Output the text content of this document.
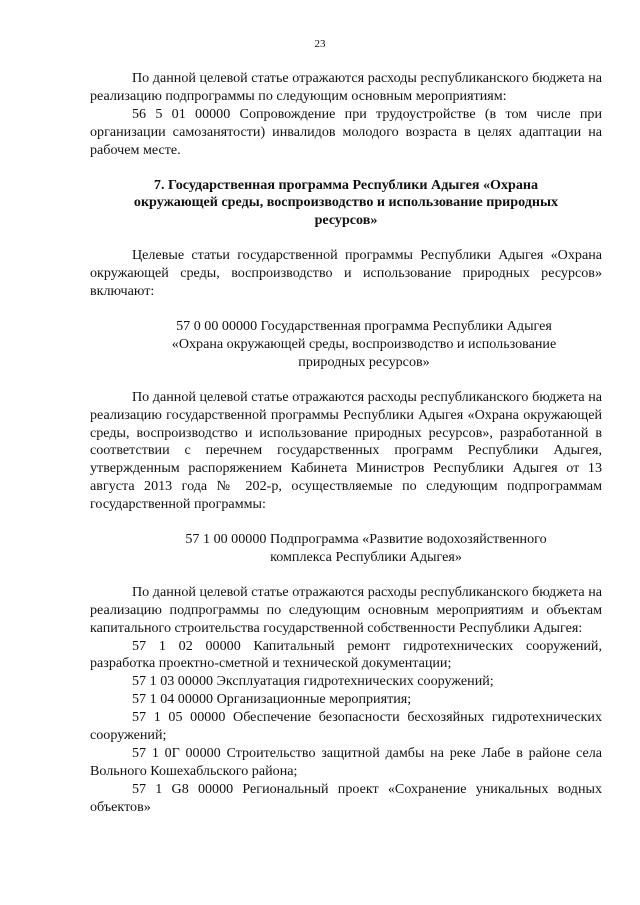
23

По данной целевой статье отражаются расходы республиканского бюджета на реализацию подпрограммы по следующим основным мероприятиям:

56 5 01 00000 Сопровождение при трудоустройстве (в том числе при организации самозанятости) инвалидов молодого возраста в целях адаптации на рабочем месте.

7. Государственная программа Республики Адыгея «Охрана окружающей среды, воспроизводство и использование природных ресурсов»

Целевые статьи государственной программы Республики Адыгея «Охрана окружающей среды, воспроизводство и использование природных ресурсов» включают:

57 0 00 00000 Государственная программа Республики Адыгея «Охрана окружающей среды, воспроизводство и использование природных ресурсов»

По данной целевой статье отражаются расходы республиканского бюджета на реализацию государственной программы Республики Адыгея «Охрана окружающей среды, воспроизводство и использование природных ресурсов», разработанной в соответствии с перечнем государственных программ Республики Адыгея, утвержденным распоряжением Кабинета Министров Республики Адыгея от 13 августа 2013 года № 202-р, осуществляемые по следующим подпрограммам государственной программы:

57 1 00 00000 Подпрограмма «Развитие водохозяйственного комплекса Республики Адыгея»

По данной целевой статье отражаются расходы республиканского бюджета на реализацию подпрограммы по следующим основным мероприятиям и объектам капитального строительства государственной собственности Республики Адыгея:

57 1 02 00000 Капитальный ремонт гидротехнических сооружений, разработка проектно-сметной и технической документации;

57 1 03 00000 Эксплуатация гидротехнических сооружений;

57 1 04 00000 Организационные мероприятия;

57 1 05 00000 Обеспечение безопасности бесхозяйных гидротехнических сооружений;

57 1 0Г 00000 Строительство защитной дамбы на реке Лабе в районе села Вольного Кошехабльского района;

57 1 G8 00000 Региональный проект «Сохранение уникальных водных объектов»
